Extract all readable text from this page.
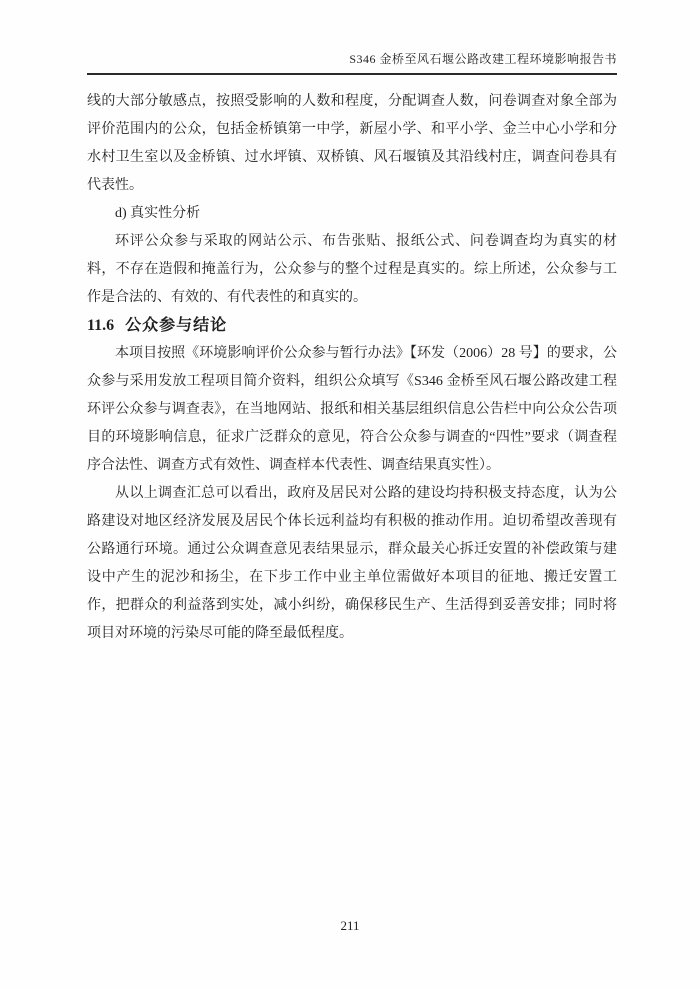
S346 金桥至风石堰公路改建工程环境影响报告书

线的大部分敏感点，按照受影响的人数和程度，分配调查人数，问卷调查对象全部为评价范围内的公众，包括金桥镇第一中学，新屋小学、和平小学、金兰中心小学和分水村卫生室以及金桥镇、过水坪镇、双桥镇、风石堰镇及其沿线村庄，调查问卷具有代表性。

d) 真实性分析

环评公众参与采取的网站公示、布告张贴、报纸公式、问卷调查均为真实的材料，不存在造假和掩盖行为，公众参与的整个过程是真实的。综上所述，公众参与工作是合法的、有效的、有代表性的和真实的。

11.6 公众参与结论

本项目按照《环境影响评价公众参与暂行办法》【环发（2006）28 号】的要求，公众参与采用发放工程项目简介资料，组织公众填写《S346 金桥至风石堰公路改建工程环评公众参与调查表》，在当地网站、报纸和相关基层组织信息公告栏中向公众公告项目的环境影响信息，征求广泛群众的意见，符合公众参与调查的“四性”要求（调查程序合法性、调查方式有效性、调查样本代表性、调查结果真实性）。

从以上调查汇总可以看出，政府及居民对公路的建设均持积极支持态度，认为公路建设对地区经济发展及居民个体长远利益均有积极的推动作用。迫切希望改善现有公路通行环境。通过公众调查意见表结果显示，群众最关心拆迁安置的补偿政策与建设中产生的泥沙和扬尘，在下步工作中业主单位需做好本项目的征地、搬迁安置工作，把群众的利益落到实处，减小纠纷，确保移民生产、生活得到妥善安排；同时将项目对环境的污染尽可能的降至最低程度。

211
